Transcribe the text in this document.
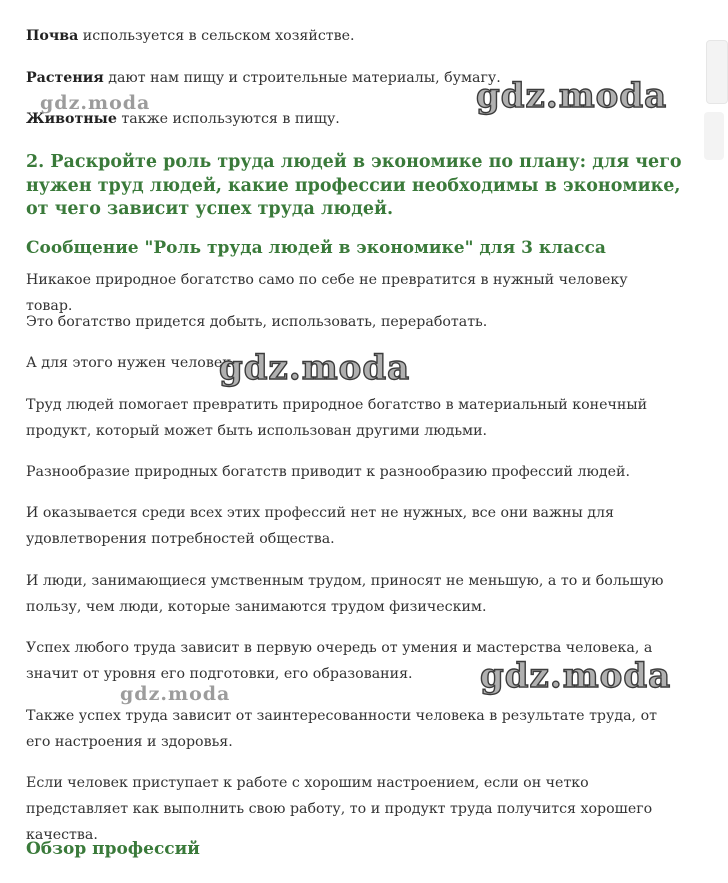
Почва используется в сельском хозяйстве.

Растения дают нам пищу и строительные материалы, бумагу.

Животные также используются в пищу.

2. Раскройте роль труда людей в экономике по плану: для чего нужен труд людей, какие профессии необходимы в экономике, от чего зависит успех труда людей.
Сообщение "Роль труда людей в экономике" для 3 класса

Никакое природное богатство само по себе не превратится в нужный человеку товар.

Это богатство придется добыть, использовать, переработать.

А для этого нужен человек.

Труд людей помогает превратить природное богатство в материальный конечный продукт, который может быть использован другими людьми.

Разнообразие природных богатств приводит к разнообразию профессий людей.

И оказывается среди всех этих профессий нет не нужных, все они важны для удовлетворения потребностей общества.

И люди, занимающиеся умственным трудом, приносят не меньшую, а то и большую пользу, чем люди, которые занимаются трудом физическим.

Успех любого труда зависит в первую очередь от умения и мастерства человека, а значит от уровня его подготовки, его образования.

Также успех труда зависит от заинтересованности человека в результате труда, от его настроения и здоровья.

Если человек приступает к работе с хорошим настроением, если он четко представляет как выполнить свою работу, то и продукт труда получится хорошего качества.

Обзор профессий
gdz.moda	gdz.moda
gdz.moda
gdz.moda
gdz.moda
